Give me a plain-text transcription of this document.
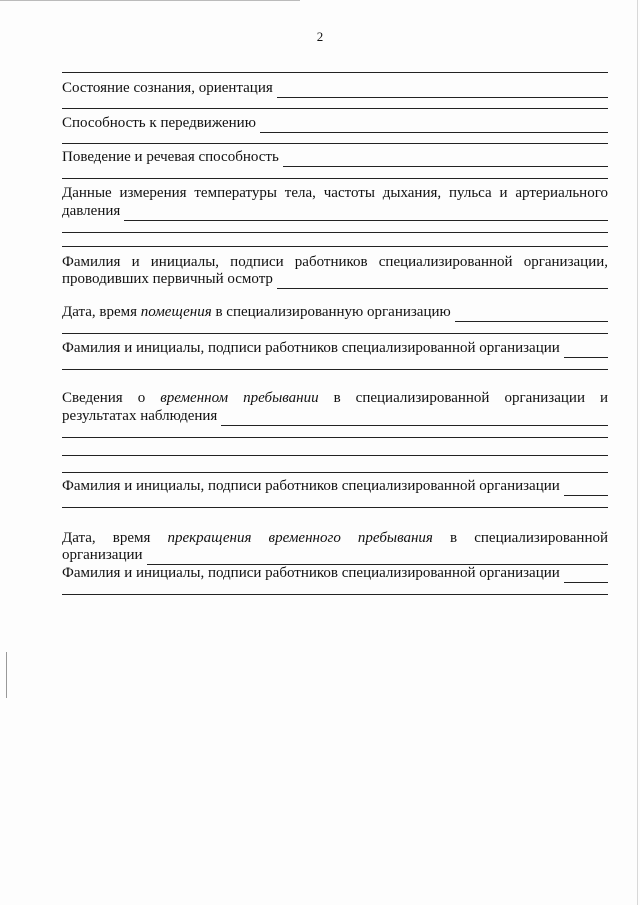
2
Состояние сознания, ориентация
Способность к передвижению
Поведение и речевая способность
Данные измерения температуры тела, частоты дыхания, пульса и артериального
давления
Фамилия и инициалы, подписи работников специализированной организации,
проводивших первичный осмотр
Дата, время помещения в специализированную организацию
Фамилия и инициалы, подписи работников специализированной организации
Сведения о временном пребывании в специализированной организации и
результатах наблюдения
Фамилия и инициалы, подписи работников специализированной организации
Дата, время прекращения временного пребывания в специализированной
организации
Фамилия и инициалы, подписи работников специализированной организации
